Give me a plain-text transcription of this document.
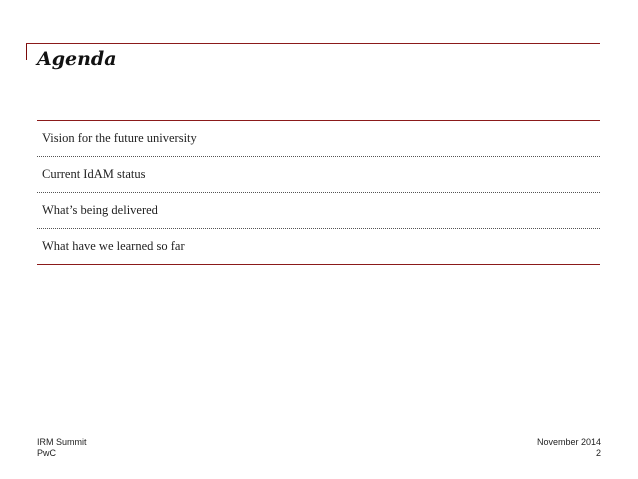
Agenda
Vision for the future university
Current IdAM status
What’s being delivered
What have we learned so far
IRM Summit
PwC
November 2014
2
